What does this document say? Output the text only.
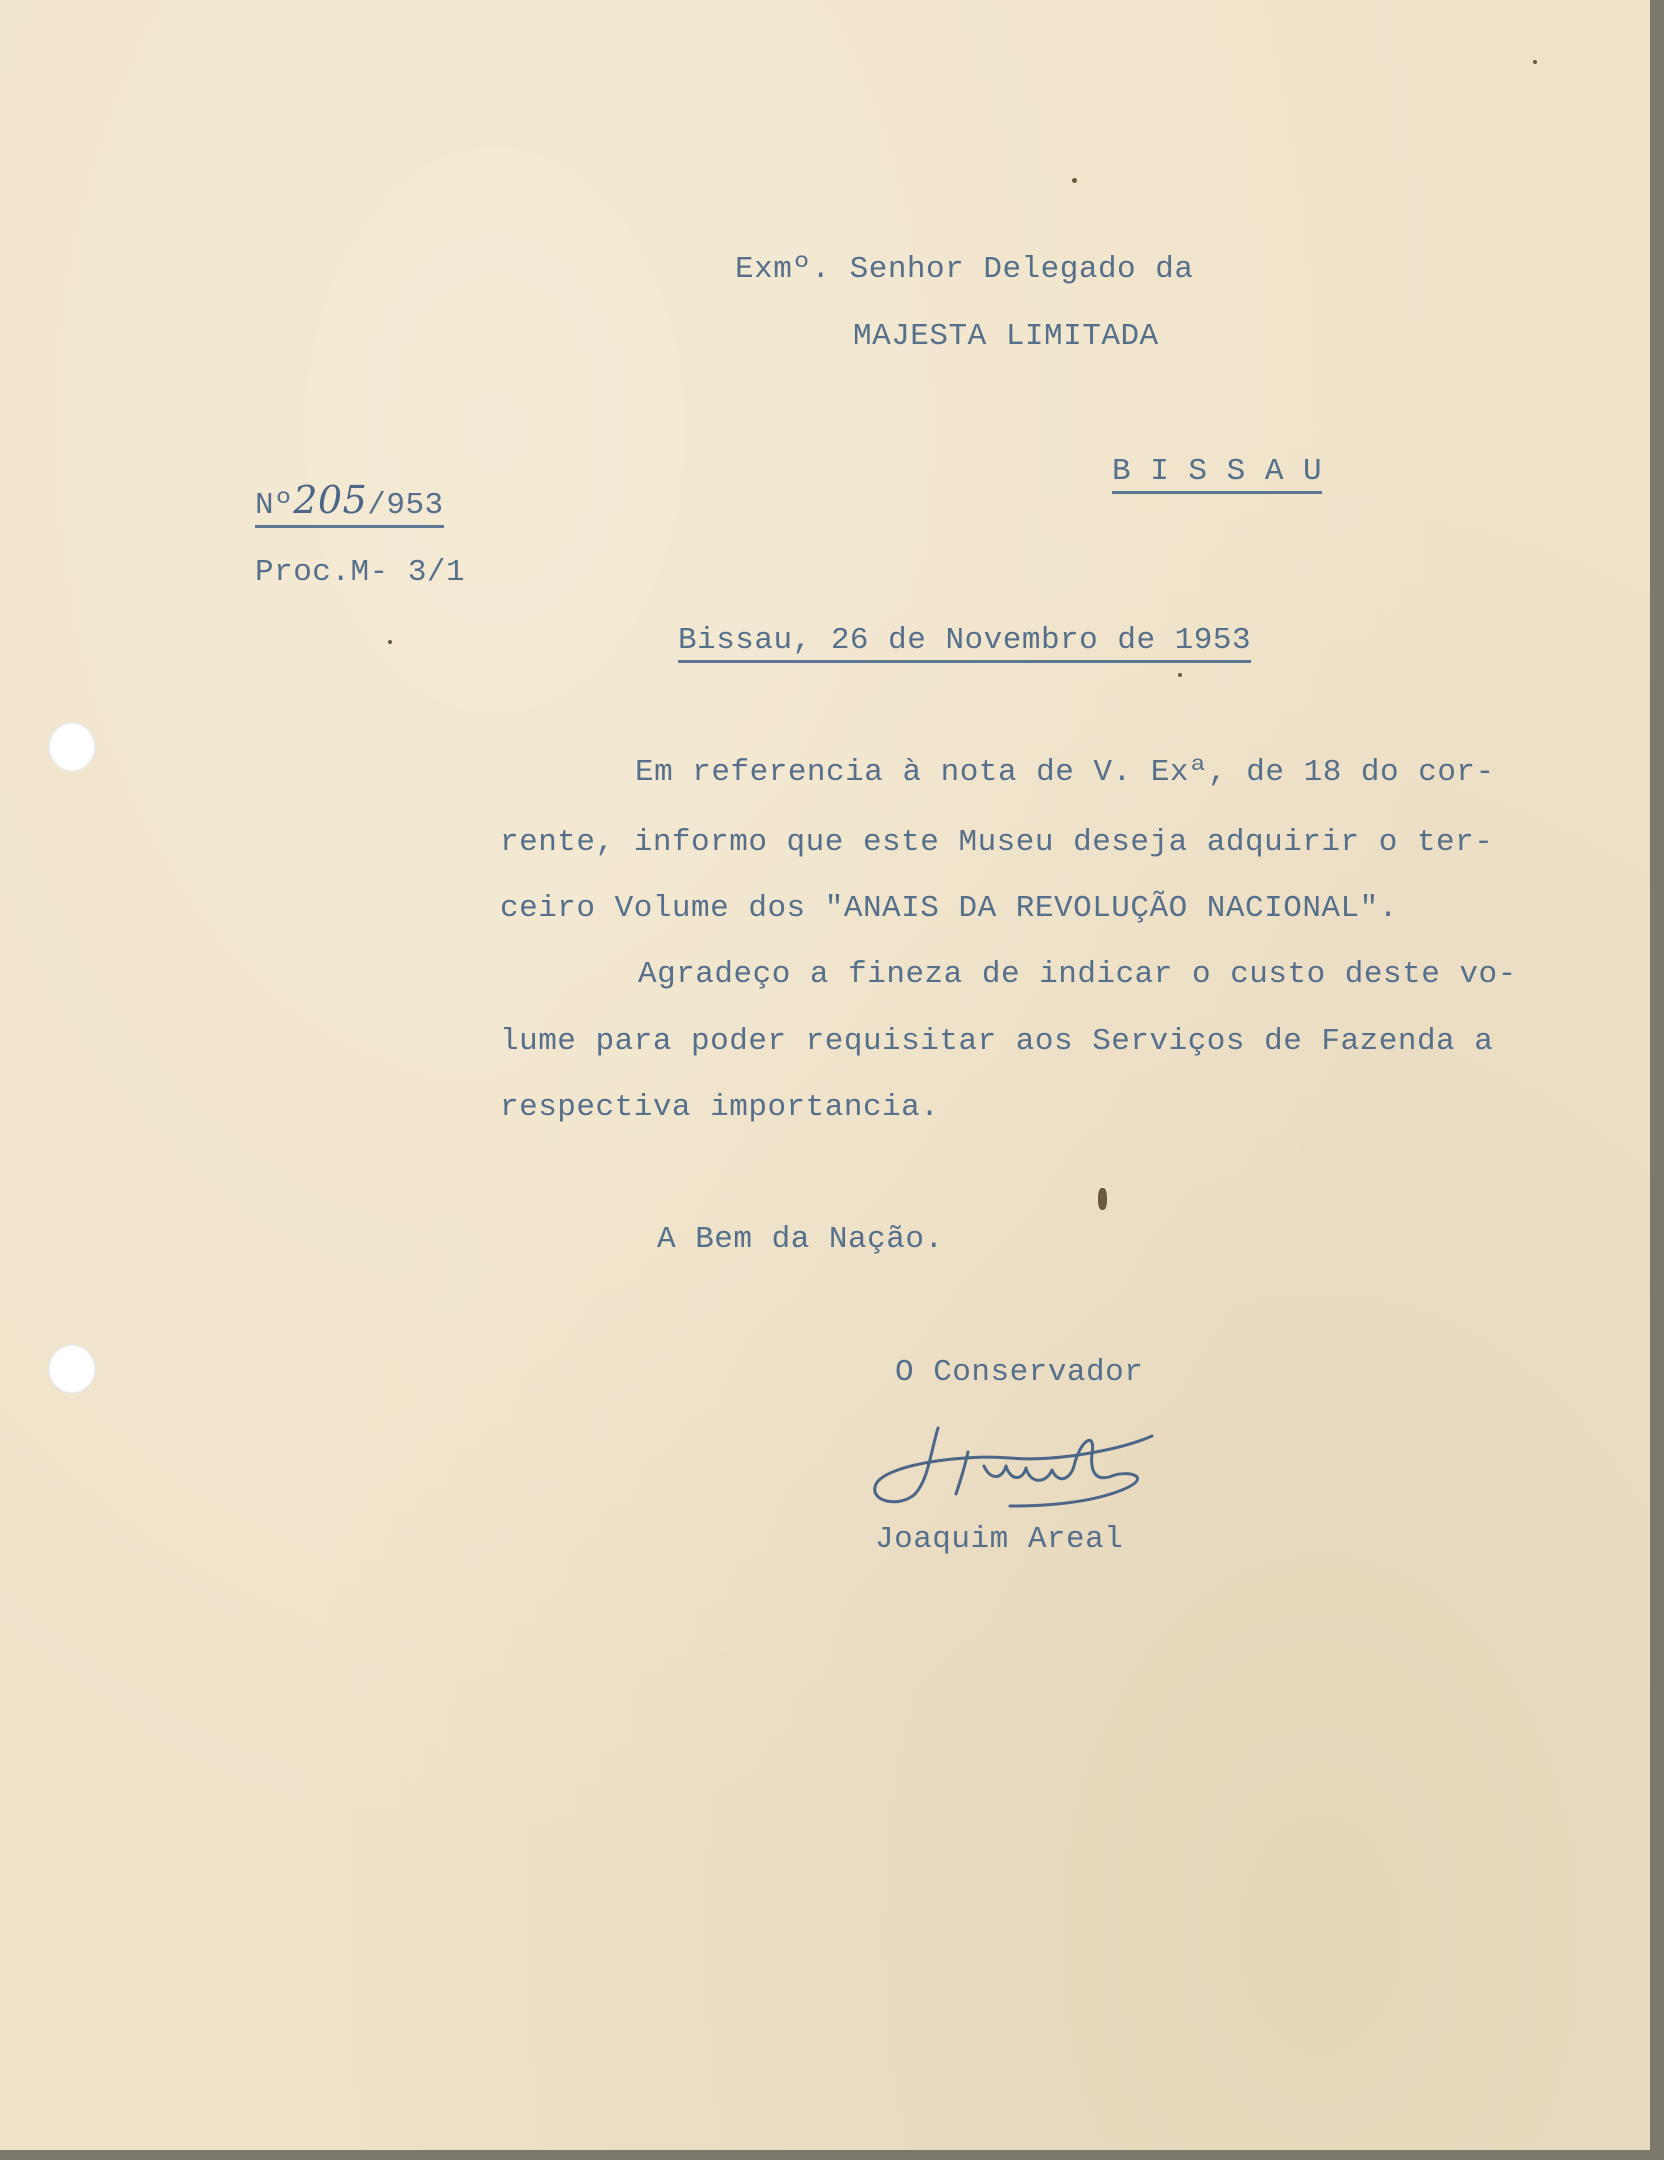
Exmº. Senhor Delegado da
MAJESTA LIMITADA
B I S S A U
Nº205/953
Proc.M- 3/1
Bissau, 26 de Novembro de 1953
Em referencia à nota de V. Exª, de 18 do cor-
rente, informo que este Museu deseja adquirir o ter-
ceiro Volume dos "ANAIS DA REVOLUÇÃO NACIONAL".
Agradeço a fineza de indicar o custo deste vo-
lume para poder requisitar aos Serviços de Fazenda a
respectiva importancia.
A Bem da Nação.
O Conservador
Joaquim Areal
